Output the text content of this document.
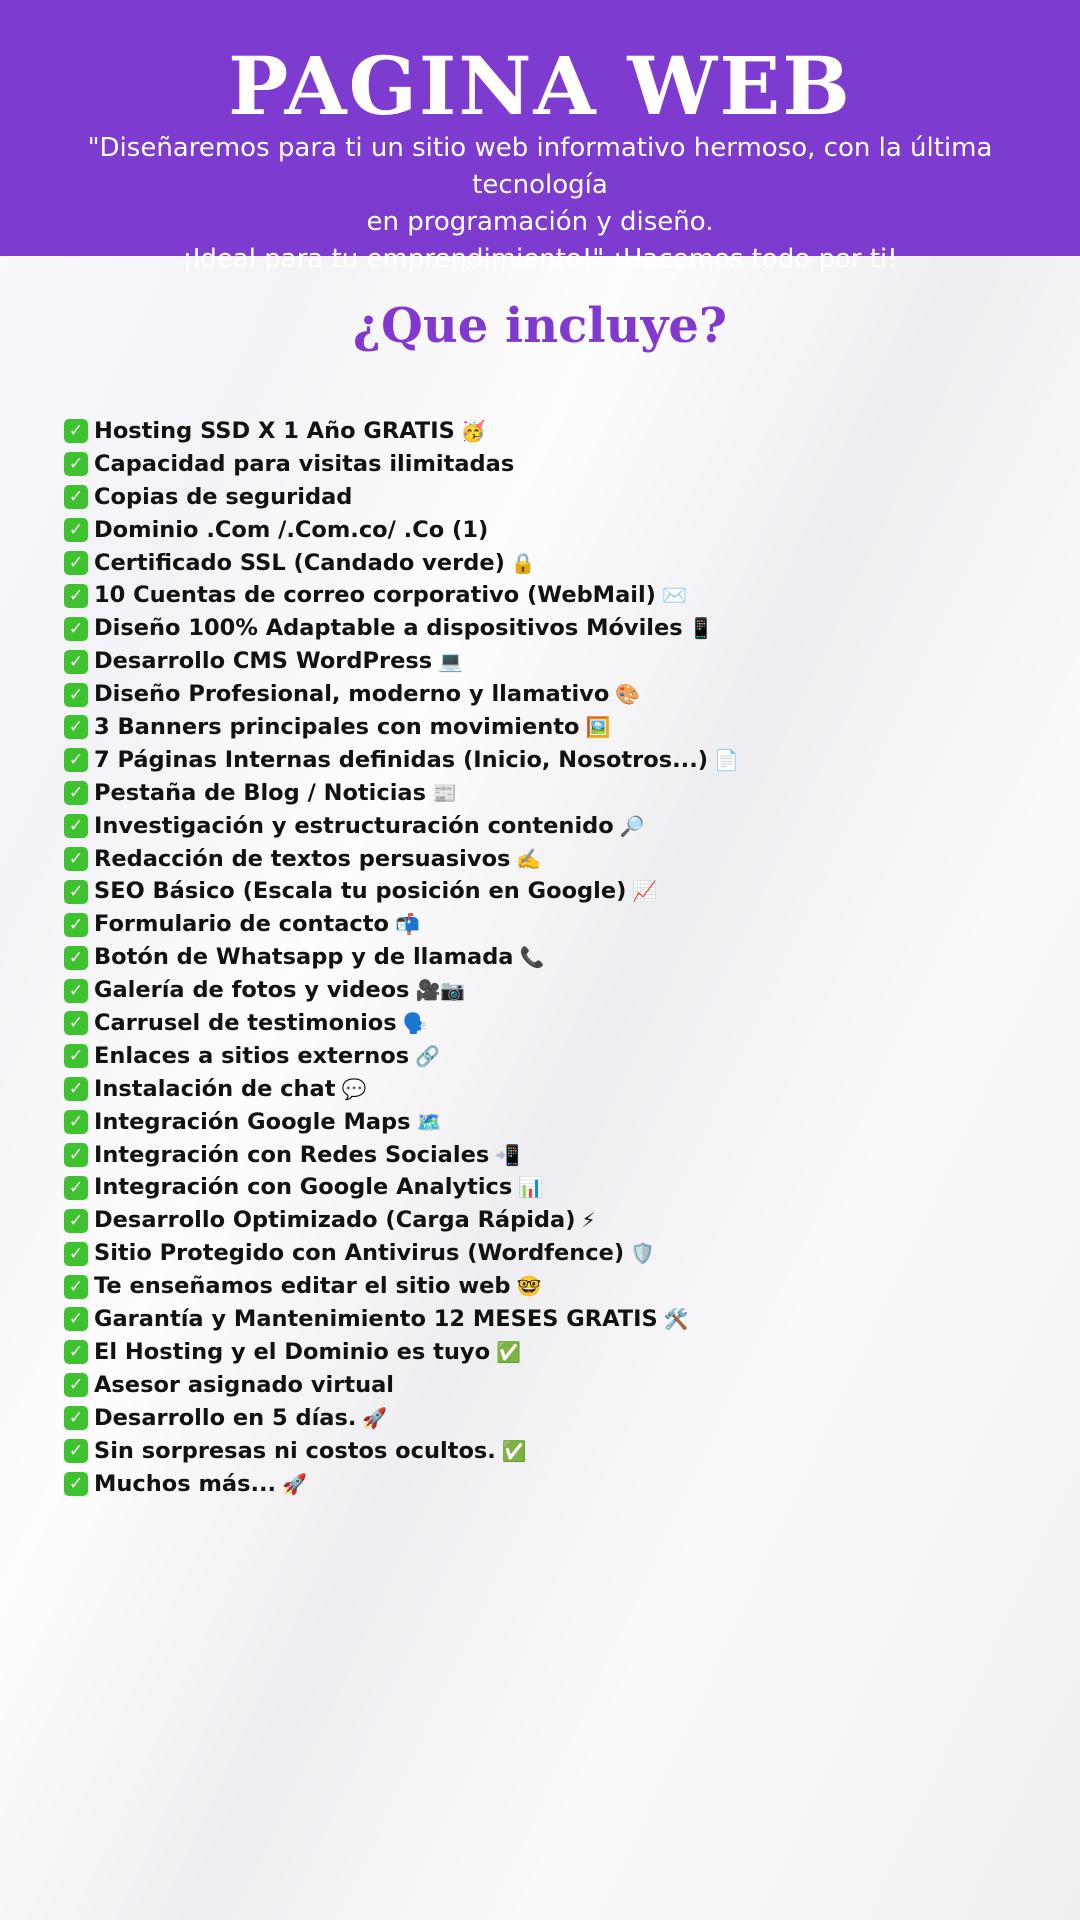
PAGINA WEB

"Diseñaremos para ti un sitio web informativo hermoso, con la última tecnología
en programación y diseño.
¡Ideal para tu emprendimiento!" ¡Hacemos todo por ti!

¿Que incluye?
✓ Hosting SSD X 1 Año GRATIS 🥳
✓ Capacidad para visitas ilimitadas
✓ Copias de seguridad
✓ Dominio .Com /.Com.co/ .Co (1)
✓ Certificado SSL (Candado verde) 🔒
✓ 10 Cuentas de correo corporativo (WebMail) ✉️
✓ Diseño 100% Adaptable a dispositivos Móviles 📱
✓ Desarrollo CMS WordPress 💻
✓ Diseño Profesional, moderno y llamativo 🎨
✓ 3 Banners principales con movimiento 🖼️
✓ 7 Páginas Internas definidas (Inicio, Nosotros...) 📄
✓ Pestaña de Blog / Noticias 📰
✓ Investigación y estructuración contenido 🔎
✓ Redacción de textos persuasivos ✍️
✓ SEO Básico (Escala tu posición en Google) 📈
✓ Formulario de contacto 📬
✓ Botón de Whatsapp y de llamada 📞
✓ Galería de fotos y videos 🎥📷
✓ Carrusel de testimonios 🗣️
✓ Enlaces a sitios externos 🔗
✓ Instalación de chat 💬
✓ Integración Google Maps 🗺️
✓ Integración con Redes Sociales 📲
✓ Integración con Google Analytics 📊
✓ Desarrollo Optimizado (Carga Rápida) ⚡
✓ Sitio Protegido con Antivirus (Wordfence) 🛡️
✓ Te enseñamos editar el sitio web 🤓
✓ Garantía y Mantenimiento 12 MESES GRATIS 🛠️
✓ El Hosting y el Dominio es tuyo ✅
✓ Asesor asignado virtual
✓ Desarrollo en 5 días. 🚀
✓ Sin sorpresas ni costos ocultos. ✅
✓ Muchos más... 🚀
